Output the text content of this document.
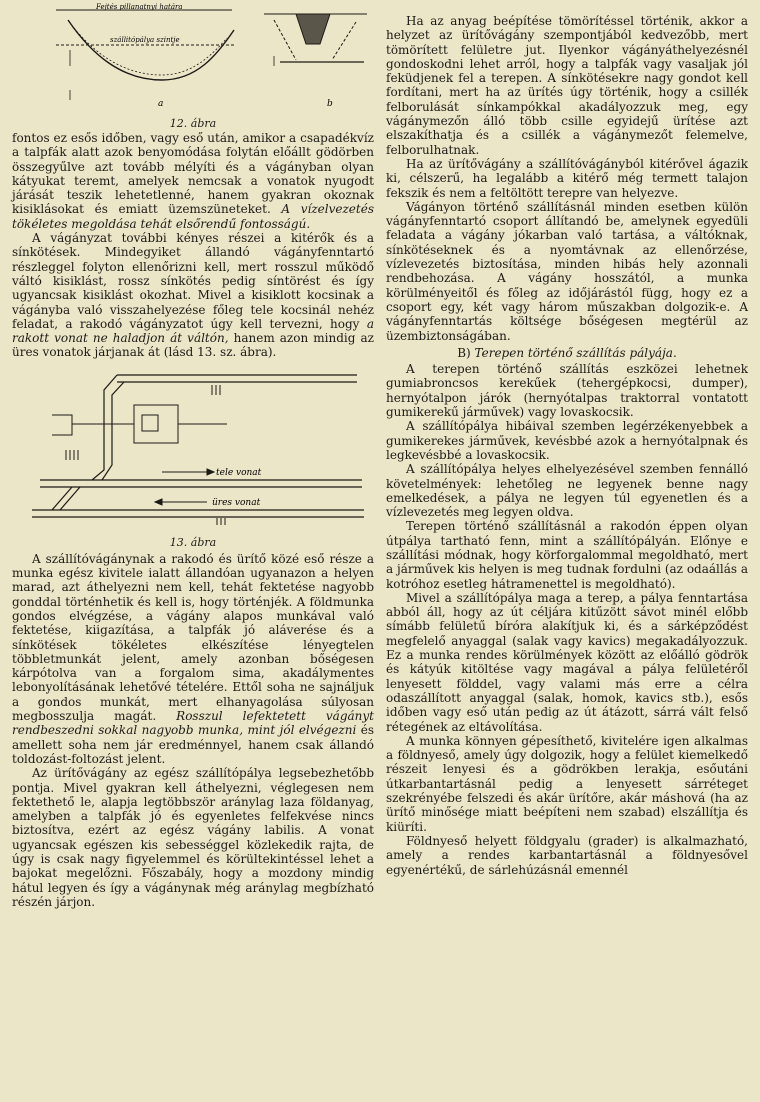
Fejtés pillanatnyi határa
szállitópálya szintje
a	b
12. ábra

fontos ez esős időben, vagy eső után, amikor a csapadékvíz a talpfák alatt azok benyomódása folytán előállt gödörben összegyűlve azt tovább mélyíti és a vágányban olyan kátyukat teremt, amelyek nemcsak a vonatok nyugodt járását teszik lehetetlenné, hanem gyakran okoznak kisiklásokat és emiatt üzemszüneteket. A vízelvezetés tökéletes megoldása tehát elsőrendű fontosságú.

A vágányzat további kényes részei a kitérők és a sínkötések. Mindegyiket állandó vágányfenntartó részleggel folyton ellenőrizni kell, mert rosszul működő váltó kisiklást, rossz sínkötés pedig síntörést és így ugyancsak kisiklást okozhat. Mivel a kisiklott kocsinak a vágányba való visszahelyezése főleg tele kocsinál nehéz feladat, a rakodó vágányzatot úgy kell tervezni, hogy a rakott vonat ne haladjon át váltón, hanem azon mindig az üres vonatok járjanak át (lásd 13. sz. ábra).

tele vonat
üres vonat
13. ábra

A szállítóvágánynak a rakodó és ürítő közé eső része a munka egész kivitele ialatt állandóan ugyanazon a helyen marad, azt áthelyezni nem kell, tehát fektetése nagyobb gonddal történhetik és kell is, hogy történjék. A földmunka gondos elvégzése, a vágány alapos munkával való fektetése, kiigazítása, a talpfák jó aláverése és a sínkötések tökéletes elkészítése lényegtelen többletmunkát jelent, amely azonban bőségesen kárpótolva van a forgalom sima, akadálymentes lebonyolításának lehetővé tételére. Ettől soha ne sajnáljuk a gondos munkát, mert elhanyagolása súlyosan megbosszulja magát. Rosszul lefektetett vágányt rendbeszedni sokkal nagyobb munka, mint jól elvégezni és amellett soha nem jár eredménnyel, hanem csak állandó toldozást-foltozást jelent.

Az ürítővágány az egész szállítópálya legsebezhetőbb pontja. Mivel gyakran kell áthelyezni, véglegesen nem fektethető le, alapja legtöbbször aránylag laza földanyag, amelyben a talpfák jó és egyenletes felfekvése nincs biztosítva, ezért az egész vágány labilis. A vonat ugyancsak egészen kis sebességgel közlekedik rajta, de úgy is csak nagy figyelemmel és körültekintéssel lehet a bajokat megelőzni. Főszabály, hogy a mozdony mindig hátul legyen és így a vágánynak még aránylag megbízható részén járjon.

Ha az anyag beépítése tömörítéssel történik, akkor a helyzet az ürítővágány szempontjából kedvezőbb, mert tömörített felületre jut. Ilyenkor vágányáthelyezésnél gondoskodni lehet arról, hogy a talpfák vagy vasaljak jól feküdjenek fel a terepen. A sínkötésekre nagy gondot kell fordítani, mert ha az ürítés úgy történik, hogy a csillék felborulását sínkampókkal akadályozzuk meg, egy vágánymezőn álló több csille egyidejű ürítése azt elszakíthatja és a csillék a vágánymezőt felemelve, felborulhatnak.

Ha az ürítővágány a szállítóvágányból kitérővel ágazik ki, célszerű, ha legalább a kitérő még termett talajon fekszik és nem a feltöltött terepre van helyezve.

Vágányon történő szállításnál minden esetben külön vágányfenntartó csoport állítandó be, amelynek egyedüli feladata a vágány jókarban való tartása, a váltóknak, sínkötéseknek és a nyomtávnak az ellenőrzése, vízlevezetés biztosítása, minden hibás hely azonnali rendbehozása. A vágány hosszától, a munka körülményeitől és főleg az időjárástól függ, hogy ez a csoport egy, két vagy három műszakban dolgozik-e. A vágányfenntartás költsége bőségesen megtérül az üzembiztonságában.

B) Terepen történő szállítás pályája.

A terepen történő szállítás eszközei lehetnek gumiabroncsos kerekűek (tehergépkocsi, dumper), hernyótalpon járók (hernyótalpas traktorral vontatott gumikerekű járművek) vagy lovaskocsik.

A szállítópálya hibáival szemben legérzékenyebbek a gumikerekes járművek, kevésbbé azok a hernyótalpnak és legkevésbbé a lovaskocsik.

A szállítópálya helyes elhelyezésével szemben fennálló követelmények: lehetőleg ne legyenek benne nagy emelkedések, a pálya ne legyen túl egyenetlen és a vízlevezetés meg legyen oldva.

Terepen történő szállításnál a rakodón éppen olyan útpálya tartható fenn, mint a szállítópályán. Előnye e szállítási módnak, hogy körforgalommal megoldható, mert a járművek kis helyen is meg tudnak fordulni (az odaállás a kotróhoz esetleg hátramenettel is megoldható).

Mivel a szállítópálya maga a terep, a pálya fenntartása abból áll, hogy az út céljára kitűzött sávot minél előbb símább felületű bíróra alakítjuk ki, és a sárképződést megfelelő anyaggal (salak vagy kavics) megakadályozzuk. Ez a munka rendes körülmények között az előálló gödrök és kátyúk kitöltése vagy magával a pálya felületéről lenyesett földdel, vagy valami más erre a célra odaszállított anyaggal (salak, homok, kavics stb.), esős időben vagy eső után pedig az út átázott, sárrá vált felső rétegének az eltávolítása.

A munka könnyen gépesíthető, kivitelére igen alkalmas a földnyeső, amely úgy dolgozik, hogy a felület kiemelkedő részeit lenyesi és a gödrökben lerakja, esőutáni útkarbantartásnál pedig a lenyesett sárréteget szekrényébe felszedi és akár ürítőre, akár máshová (ha az ürítő minősége miatt beépíteni nem szabad) elszállítja és kiüríti.

Földnyeső helyett földgyalu (grader) is alkalmazható, amely a rendes karbantartásnál a földnyesővel egyenértékű, de sárlehúzásnál emennél
